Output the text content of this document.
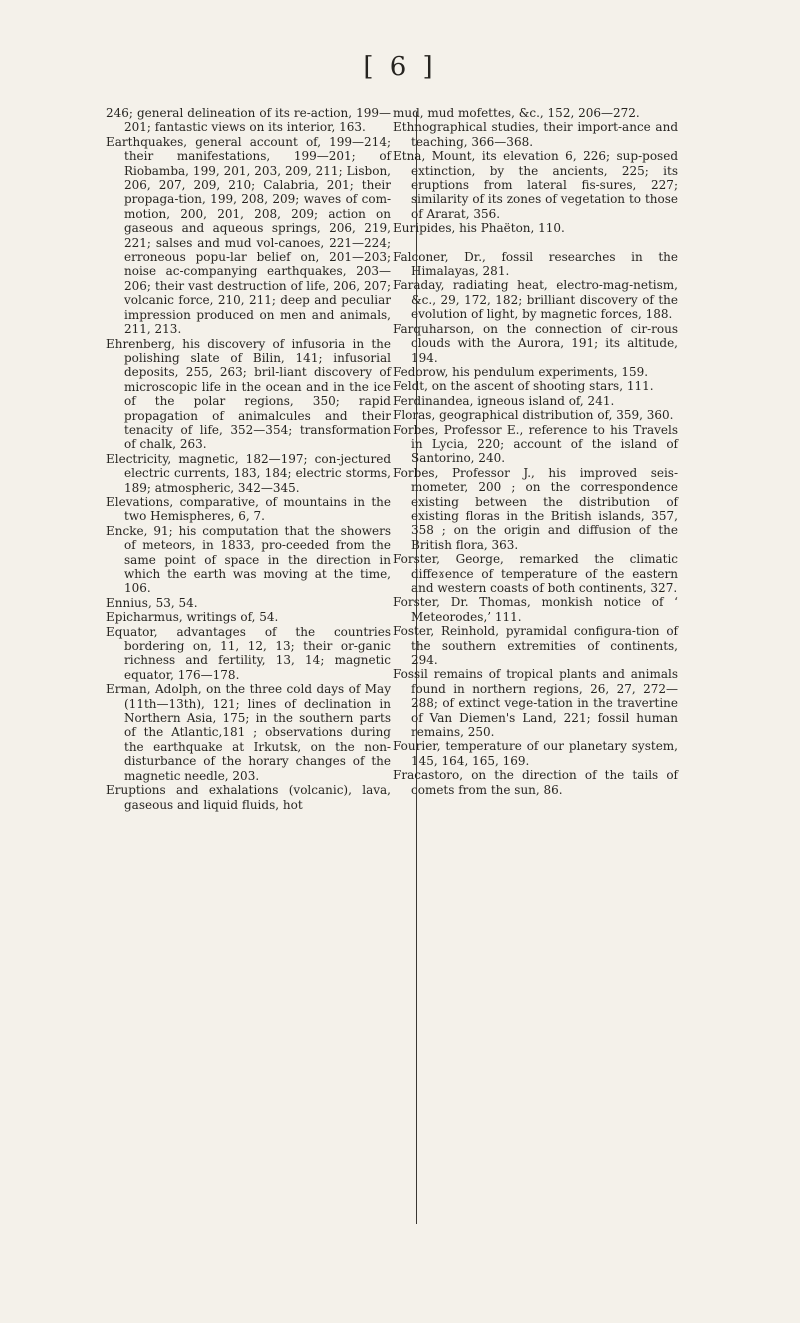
[ 6 ]

246; general delineation of its re-action, 199—201; fantastic views on its interior, 163.

Earthquakes, general account of, 199—214; their manifestations, 199—201; of Riobamba, 199, 201, 203, 209, 211; Lisbon, 206, 207, 209, 210; Calabria, 201; their propaga-tion, 199, 208, 209; waves of com-motion, 200, 201, 208, 209; action on gaseous and aqueous springs, 206, 219, 221; salses and mud vol-canoes, 221—224; erroneous popu-lar belief on, 201—203; noise ac-companying earthquakes, 203—206; their vast destruction of life, 206, 207; volcanic force, 210, 211; deep and peculiar impression produced on men and animals, 211, 213.

Ehrenberg, his discovery of infusoria in the polishing slate of Bilin, 141; infusorial deposits, 255, 263; bril-liant discovery of microscopic life in the ocean and in the ice of the polar regions, 350; rapid propagation of animalcules and their tenacity of life, 352—354; transformation of chalk, 263.

Electricity, magnetic, 182—197; con-jectured electric currents, 183, 184; electric storms, 189; atmospheric, 342—345.

Elevations, comparative, of mountains in the two Hemispheres, 6, 7.

Encke, 91; his computation that the showers of meteors, in 1833, pro-ceeded from the same point of space in the direction in which the earth was moving at the time, 106.

Ennius, 53, 54.

Epicharmus, writings of, 54.

Equator, advantages of the countries bordering on, 11, 12, 13; their or-ganic richness and fertility, 13, 14; magnetic equator, 176—178.

Erman, Adolph, on the three cold days of May (11th—13th), 121; lines of declination in Northern Asia, 175; in the southern parts of the Atlantic,181 ; observations during the earthquake at Irkutsk, on the non-disturbance of the horary changes of the magnetic needle, 203.

Eruptions and exhalations (volcanic), lava, gaseous and liquid fluids, hot

mud, mud mofettes, &c., 152, 206—272.

Ethnographical studies, their import-ance and teaching, 366—368.

Etna, Mount, its elevation 6, 226; sup-posed extinction, by the ancients, 225; its eruptions from lateral fis-sures, 227; similarity of its zones of vegetation to those of Ararat, 356.

Euripides, his Phaëton, 110.

Falconer, Dr., fossil researches in the Himalayas, 281.

Faraday, radiating heat, electro-mag-netism, &c., 29, 172, 182; brilliant discovery of the evolution of light, by magnetic forces, 188.

Farquharson, on the connection of cir-rous clouds with the Aurora, 191; its altitude, 194.

Fedorow, his pendulum experiments, 159.

Feldt, on the ascent of shooting stars, 111.

Ferdinandea, igneous island of, 241.

Floras, geographical distribution of, 359, 360.

Forbes, Professor E., reference to his Travels in Lycia, 220; account of the island of Santorino, 240.

Forbes, Professor J., his improved seis-mometer, 200 ; on the correspondence existing between the distribution of existing floras in the British islands, 357, 358 ; on the origin and diffusion of the British flora, 363.

Forster, George, remarked the climatic diffeɤence of temperature of the eastern and western coasts of both continents, 327.

Forster, Dr. Thomas, monkish notice of ‘ Meteorodes,’ 111.

Foster, Reinhold, pyramidal configura-tion of the southern extremities of continents, 294.

Fossil remains of tropical plants and animals found in northern regions, 26, 27, 272—288; of extinct vege-tation in the travertine of Van Diemen's Land, 221; fossil human remains, 250.

Fourier, temperature of our planetary system, 145, 164, 165, 169.

Fracastoro, on the direction of the tails of comets from the sun, 86.
